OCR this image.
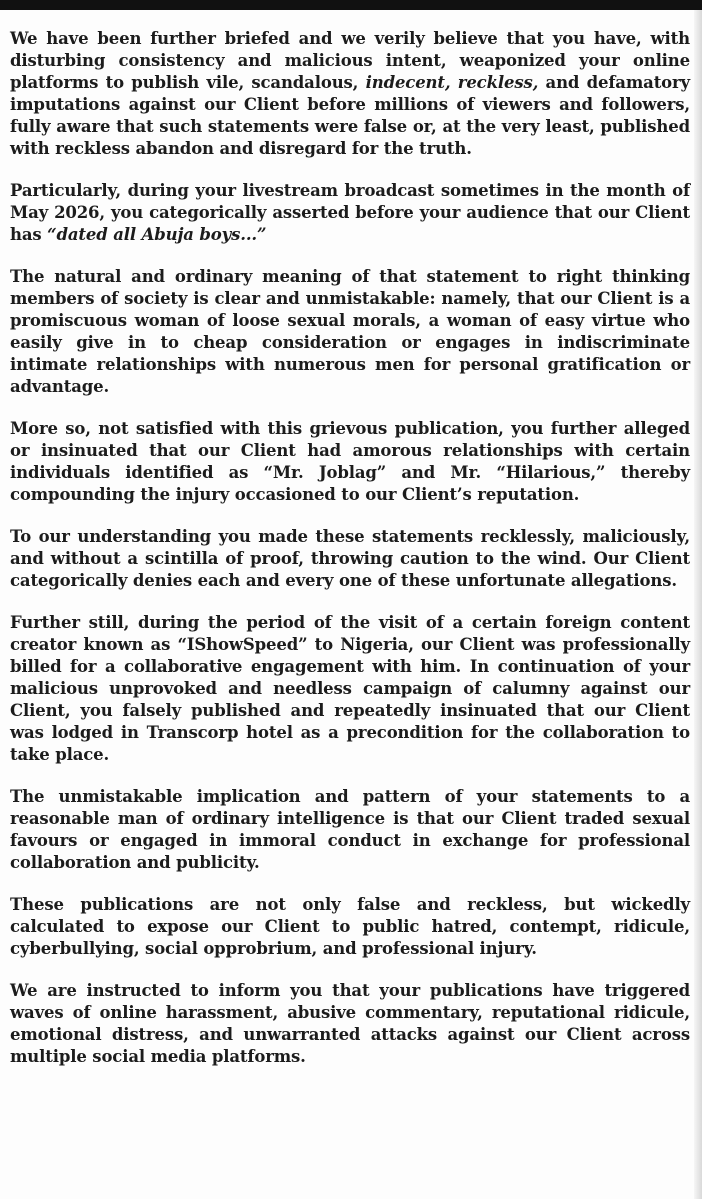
We have been further briefed and we verily believe that you have, with disturbing consistency and malicious intent, weaponized your online platforms to publish vile, scandalous, indecent, reckless, and defamatory imputations against our Client before millions of viewers and followers, fully aware that such statements were false or, at the very least, published with reckless abandon and disregard for the truth.

Particularly, during your livestream broadcast sometimes in the month of May 2026, you categorically asserted before your audience that our Client has “dated all Abuja boys...”

The natural and ordinary meaning of that statement to right thinking members of society is clear and unmistakable: namely, that our Client is a promiscuous woman of loose sexual morals, a woman of easy virtue who easily give in to cheap consideration or engages in indiscriminate intimate relationships with numerous men for personal gratification or advantage.

More so, not satisfied with this grievous publication, you further alleged or insinuated that our Client had amorous relationships with certain individuals identified as “Mr. Joblag” and Mr. “Hilarious,” thereby compounding the injury occasioned to our Client’s reputation.

To our understanding you made these statements recklessly, maliciously, and without a scintilla of proof, throwing caution to the wind. Our Client categorically denies each and every one of these unfortunate allegations.

Further still, during the period of the visit of a certain foreign content creator known as “IShowSpeed” to Nigeria, our Client was professionally billed for a collaborative engagement with him. In continuation of your malicious unprovoked and needless campaign of calumny against our Client, you falsely published and repeatedly insinuated that our Client was lodged in Transcorp hotel as a precondition for the collaboration to take place.

The unmistakable implication and pattern of your statements to a reasonable man of ordinary intelligence is that our Client traded sexual favours or engaged in immoral conduct in exchange for professional collaboration and publicity.

These publications are not only false and reckless, but wickedly calculated to expose our Client to public hatred, contempt, ridicule, cyberbullying, social opprobrium, and professional injury.

We are instructed to inform you that your publications have triggered waves of online harassment, abusive commentary, reputational ridicule, emotional distress, and unwarranted attacks against our Client across multiple social media platforms.
